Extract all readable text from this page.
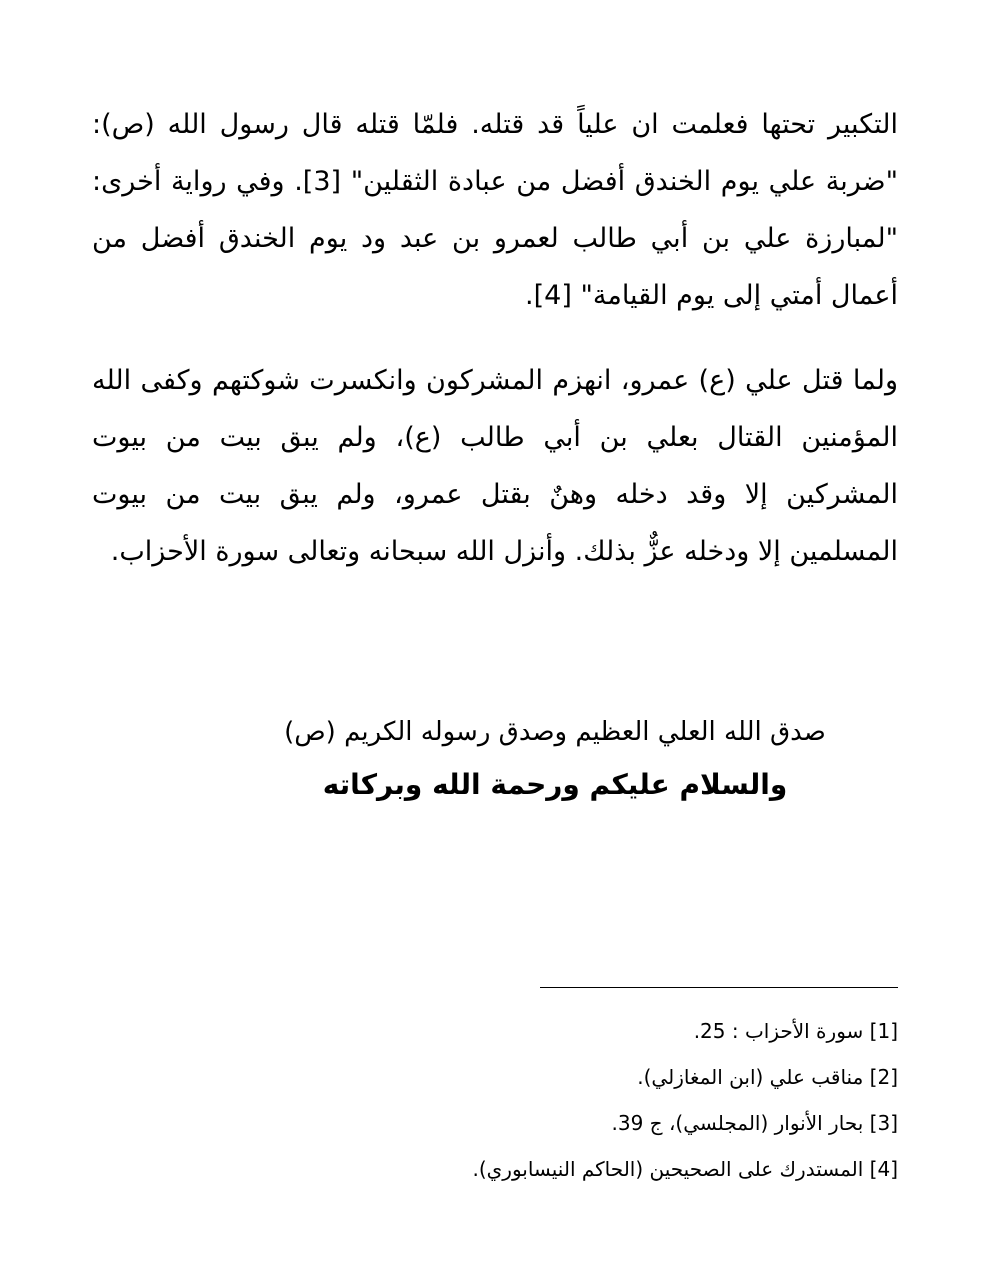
التكبير تحتها فعلمت ان علياً قد قتله. فلمّا قتله قال رسول الله (ص): "ضربة علي يوم الخندق أفضل من عبادة الثقلين" [3]. وفي رواية أخرى: "لمبارزة علي بن أبي طالب لعمرو بن عبد ود يوم الخندق أفضل من أعمال أمتي إلى يوم القيامة" [4].

ولما قتل علي (ع) عمرو، انهزم المشركون وانكسرت شوكتهم وكفى الله المؤمنين القتال بعلي بن أبي طالب (ع)، ولم يبق بيت من بيوت المشركين إلا وقد دخله وهنٌ بقتل عمرو، ولم يبق بيت من بيوت المسلمين إلا ودخله عزٌّ بذلك. وأنزل الله سبحانه وتعالى سورة الأحزاب.

صدق الله العلي العظيم وصدق رسوله الكريم (ص)

والسلام عليكم ورحمة الله وبركاته

[1] سورة الأحزاب : 25.

[2] مناقب علي (ابن المغازلي).

[3] بحار الأنوار (المجلسي)، ج 39.

[4] المستدرك على الصحيحين (الحاكم النيسابوري).
